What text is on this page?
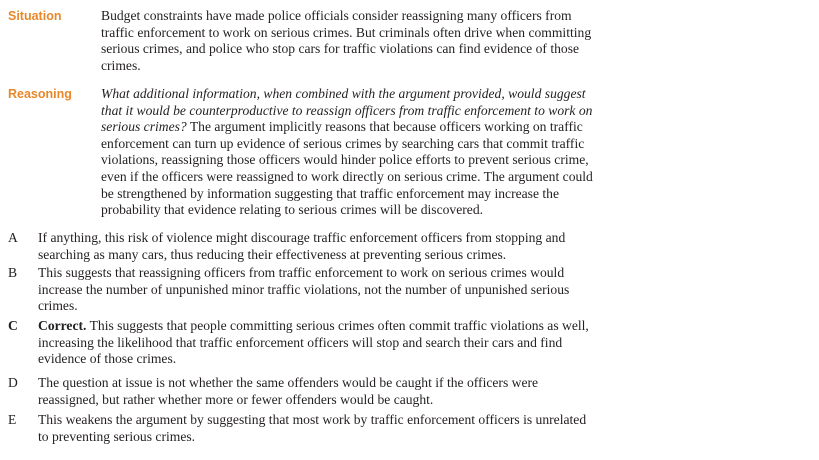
Situation	Budget constraints have made police officials consider reassigning many officers from traffic enforcement to work on serious crimes. But criminals often drive when committing serious crimes, and police who stop cars for traffic violations can find evidence of those crimes.

Reasoning What additional information, when combined with the argument provided, would suggest that it would be counterproductive to reassign officers from traffic enforcement to work on serious crimes? The argument implicitly reasons that because officers working on traffic enforcement can turn up evidence of serious crimes by searching cars that commit traffic violations, reassigning those officers would hinder police efforts to prevent serious crime, even if the officers were reassigned to work directly on serious crime. The argument could be strengthened by information suggesting that traffic enforcement may increase the probability that evidence relating to serious crimes will be discovered.

A If anything, this risk of violence might discourage traffic enforcement officers from stopping and searching as many cars, thus reducing their effectiveness at preventing serious crimes.

B This suggests that reassigning officers from traffic enforcement to work on serious crimes would increase the number of unpunished minor traffic violations, not the number of unpunished serious crimes.

C Correct. This suggests that people committing serious crimes often commit traffic violations as well, increasing the likelihood that traffic enforcement officers will stop and search their cars and find evidence of those crimes.

D The question at issue is not whether the same offenders would be caught if the officers were reassigned, but rather whether more or fewer offenders would be caught.

E This weakens the argument by suggesting that most work by traffic enforcement officers is unrelated to preventing serious crimes.
